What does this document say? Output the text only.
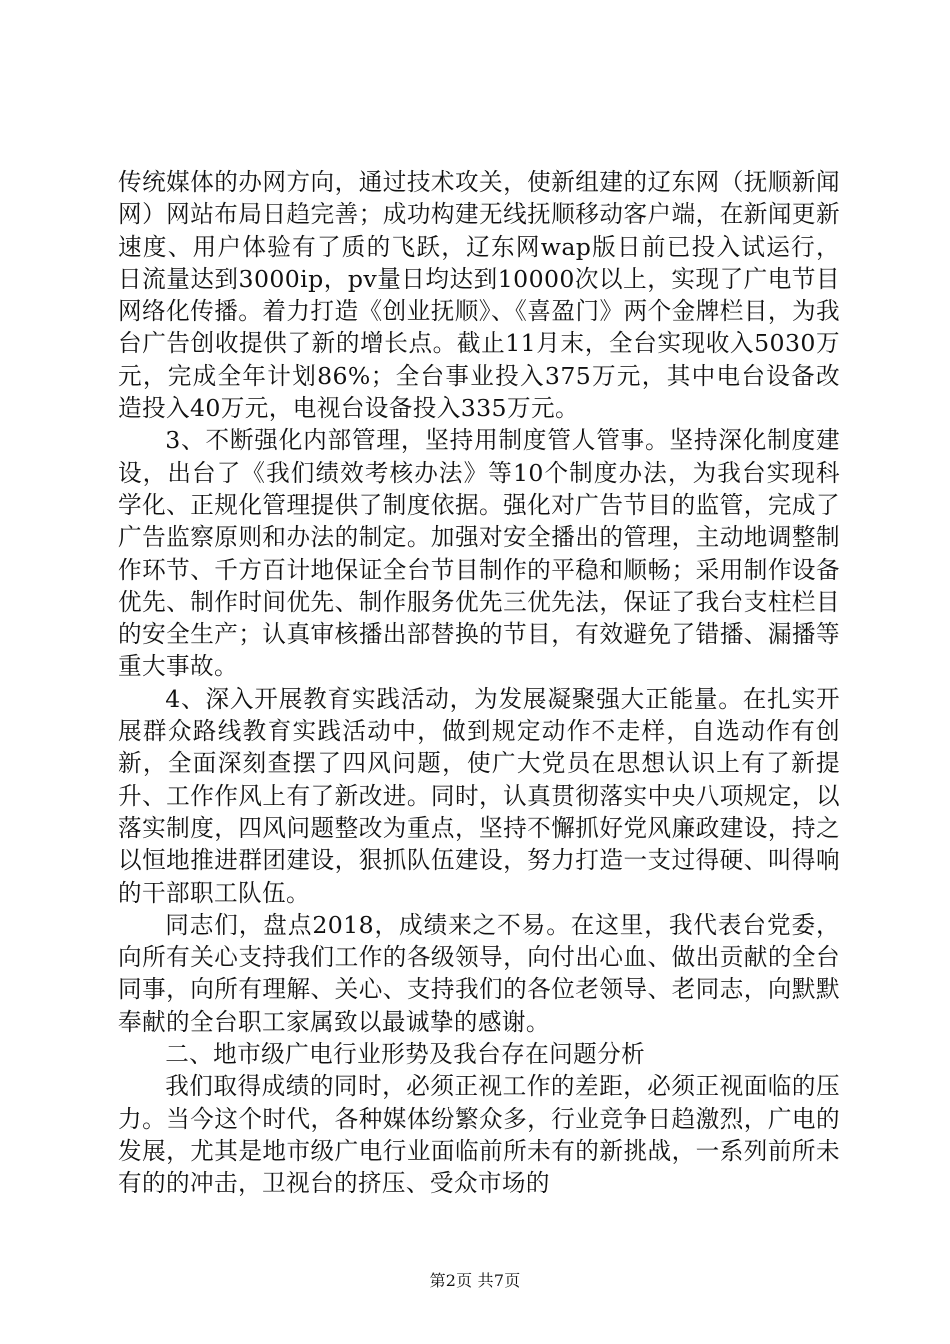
传统媒体的办网方向，通过技术攻关，使新组建的辽东网（抚顺新闻网）网站布局日趋完善；成功构建无线抚顺移动客户端，在新闻更新速度、用户体验有了质的飞跃，辽东网wap版日前已投入试运行，日流量达到3000ip，pv量日均达到10000次以上，实现了广电节目网络化传播。着力打造《创业抚顺》、《喜盈门》两个金牌栏目，为我台广告创收提供了新的增长点。截止11月末，全台实现收入5030万元，完成全年计划86%；全台事业投入375万元，其中电台设备改造投入40万元，电视台设备投入335万元。

3、不断强化内部管理，坚持用制度管人管事。坚持深化制度建设，出台了《我们绩效考核办法》等10个制度办法，为我台实现科学化、正规化管理提供了制度依据。强化对广告节目的监管，完成了广告监察原则和办法的制定。加强对安全播出的管理，主动地调整制作环节、千方百计地保证全台节目制作的平稳和顺畅；采用制作设备优先、制作时间优先、制作服务优先三优先法，保证了我台支柱栏目的安全生产；认真审核播出部替换的节目，有效避免了错播、漏播等重大事故。

4、深入开展教育实践活动，为发展凝聚强大正能量。在扎实开展群众路线教育实践活动中，做到规定动作不走样，自选动作有创新，全面深刻查摆了四风问题，使广大党员在思想认识上有了新提升、工作作风上有了新改进。同时，认真贯彻落实中央八项规定，以落实制度，四风问题整改为重点，坚持不懈抓好党风廉政建设，持之以恒地推进群团建设，狠抓队伍建设，努力打造一支过得硬、叫得响的干部职工队伍。

同志们，盘点2018，成绩来之不易。在这里，我代表台党委，向所有关心支持我们工作的各级领导，向付出心血、做出贡献的全台同事，向所有理解、关心、支持我们的各位老领导、老同志，向默默奉献的全台职工家属致以最诚挚的感谢。

二、地市级广电行业形势及我台存在问题分析

我们取得成绩的同时，必须正视工作的差距，必须正视面临的压力。当今这个时代，各种媒体纷繁众多，行业竞争日趋激烈，广电的发展，尤其是地市级广电行业面临前所未有的新挑战，一系列前所未有的的冲击，卫视台的挤压、受众市场的

第2页 共7页
